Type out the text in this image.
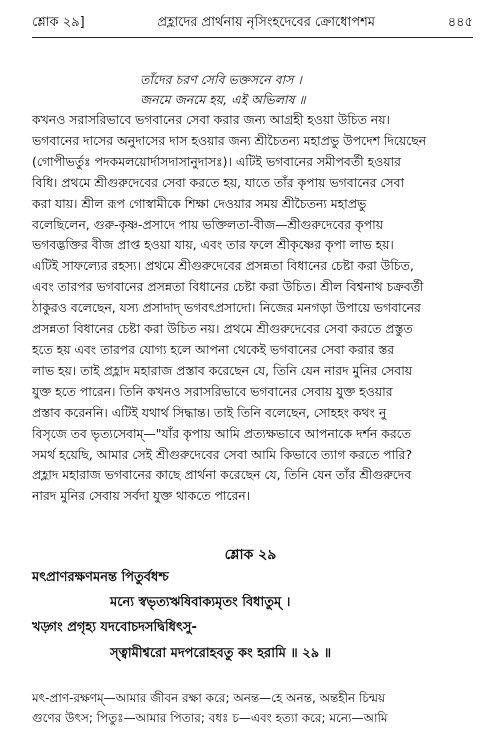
শ্লোক ২৯]	প্রহ্লাদের প্রার্থনায় নৃসিংহদেবের ক্রোধোপশম	৪৪৫
তাঁদের চরণ সেবি ভক্তসনে বাস ।
জনমে জনমে হয়, এই অভিলাষ ॥

কখনও সরাসরিভাবে ভগবানের সেবা করার জন্য আগ্রহী হওয়া উচিত নয়।

ভগবানের দাসের অনুদাসের দাস হওয়ার জন্য শ্রীচৈতন্য মহাপ্রভু উপদেশ দিয়েছেন

(গোপীভর্তুঃ পদকমলয়োর্দাসদাসানুদাসঃ)। এটিই ভগবানের সমীপবর্তী হওয়ার

বিধি। প্রথমে শ্রীগুরুদেবের সেবা করতে হয়, যাতে তাঁর কৃপায় ভগবানের সেবা

করা যায়। শ্রীল রূপ গোস্বামীকে শিক্ষা দেওয়ার সময় শ্রীচৈতন্য মহাপ্রভু

বলেছিলেন, গুরু-কৃষ্ণ-প্রসাদে পায় ভক্তিলতা-বীজ—শ্রীগুরুদেবের কৃপায়

ভগবদ্ভক্তির বীজ প্রাপ্ত হওয়া যায়, এবং তার ফলে শ্রীকৃষ্ণের কৃপা লাভ হয়।

এটিই সাফল্যের রহস্য। প্রথমে শ্রীগুরুদেবের প্রসন্নতা বিধানের চেষ্টা করা উচিত,

এবং তারপর ভগবানের প্রসন্নতা বিধানের চেষ্টা করা উচিত। শ্রীল বিশ্বনাথ চক্রবর্তী

ঠাকুরও বলেছেন, যস্য প্রসাদাদ্ ভগবৎপ্রসাদো। নিজের মনগড়া উপায়ে ভগবানের

প্রসন্নতা বিধানের চেষ্টা করা উচিত নয়। প্রথমে শ্রীগুরুদেবের সেবা করতে প্রস্তুত

হতে হয় এবং তারপর যোগ্য হলে আপনা থেকেই ভগবানের সেবা করার স্তর

লাভ হয়। তাই প্রহ্লাদ মহারাজ প্রস্তাব করেছেন যে, তিনি যেন নারদ মুনির সেবায়

যুক্ত হতে পারেন। তিনি কখনও সরাসরিভাবে ভগবানের সেবায় যুক্ত হওয়ার

প্রস্তাব করেননি। এটিই যথার্থ সিদ্ধান্ত। তাই তিনি বলেছেন, সোহহং কথং নু

বিসৃজে তব ভৃত্যসেবাম্—"যাঁর কৃপায় আমি প্রত্যক্ষভাবে আপনাকে দর্শন করতে

সমর্থ হয়েছি, আমার সেই শ্রীগুরুদেবের সেবা আমি কিভাবে ত্যাগ করতে পারি?

প্রহ্লাদ মহারাজ ভগবানের কাছে প্রার্থনা করেছেন যে, তিনি যেন তাঁর শ্রীগুরুদেব

নারদ মুনির সেবায় সর্বদা যুক্ত থাকতে পারেন।

শ্লোক ২৯
মৎপ্রাণরক্ষণমনন্ত পিতুর্বধশ্চ
মন্যে স্বভৃত্যঋষিবাক্যমৃতং বিধাতুম্ ।
খড়্গং প্রগৃহ্য যদবোচদসদ্বিধিৎসু-
স্ত্বামীশ্বরো মদপরোহবতু কং হরামি ॥ ২৯ ॥
মৎ-প্রাণ-রক্ষণম্—আমার জীবন রক্ষা করে; অনন্ত—হে অনন্ত, অন্তহীন চিন্ময়
গুণের উৎস; পিতুঃ—আমার পিতার; বধঃ চ—এবং হত্যা করে; মন্যে—আমি
